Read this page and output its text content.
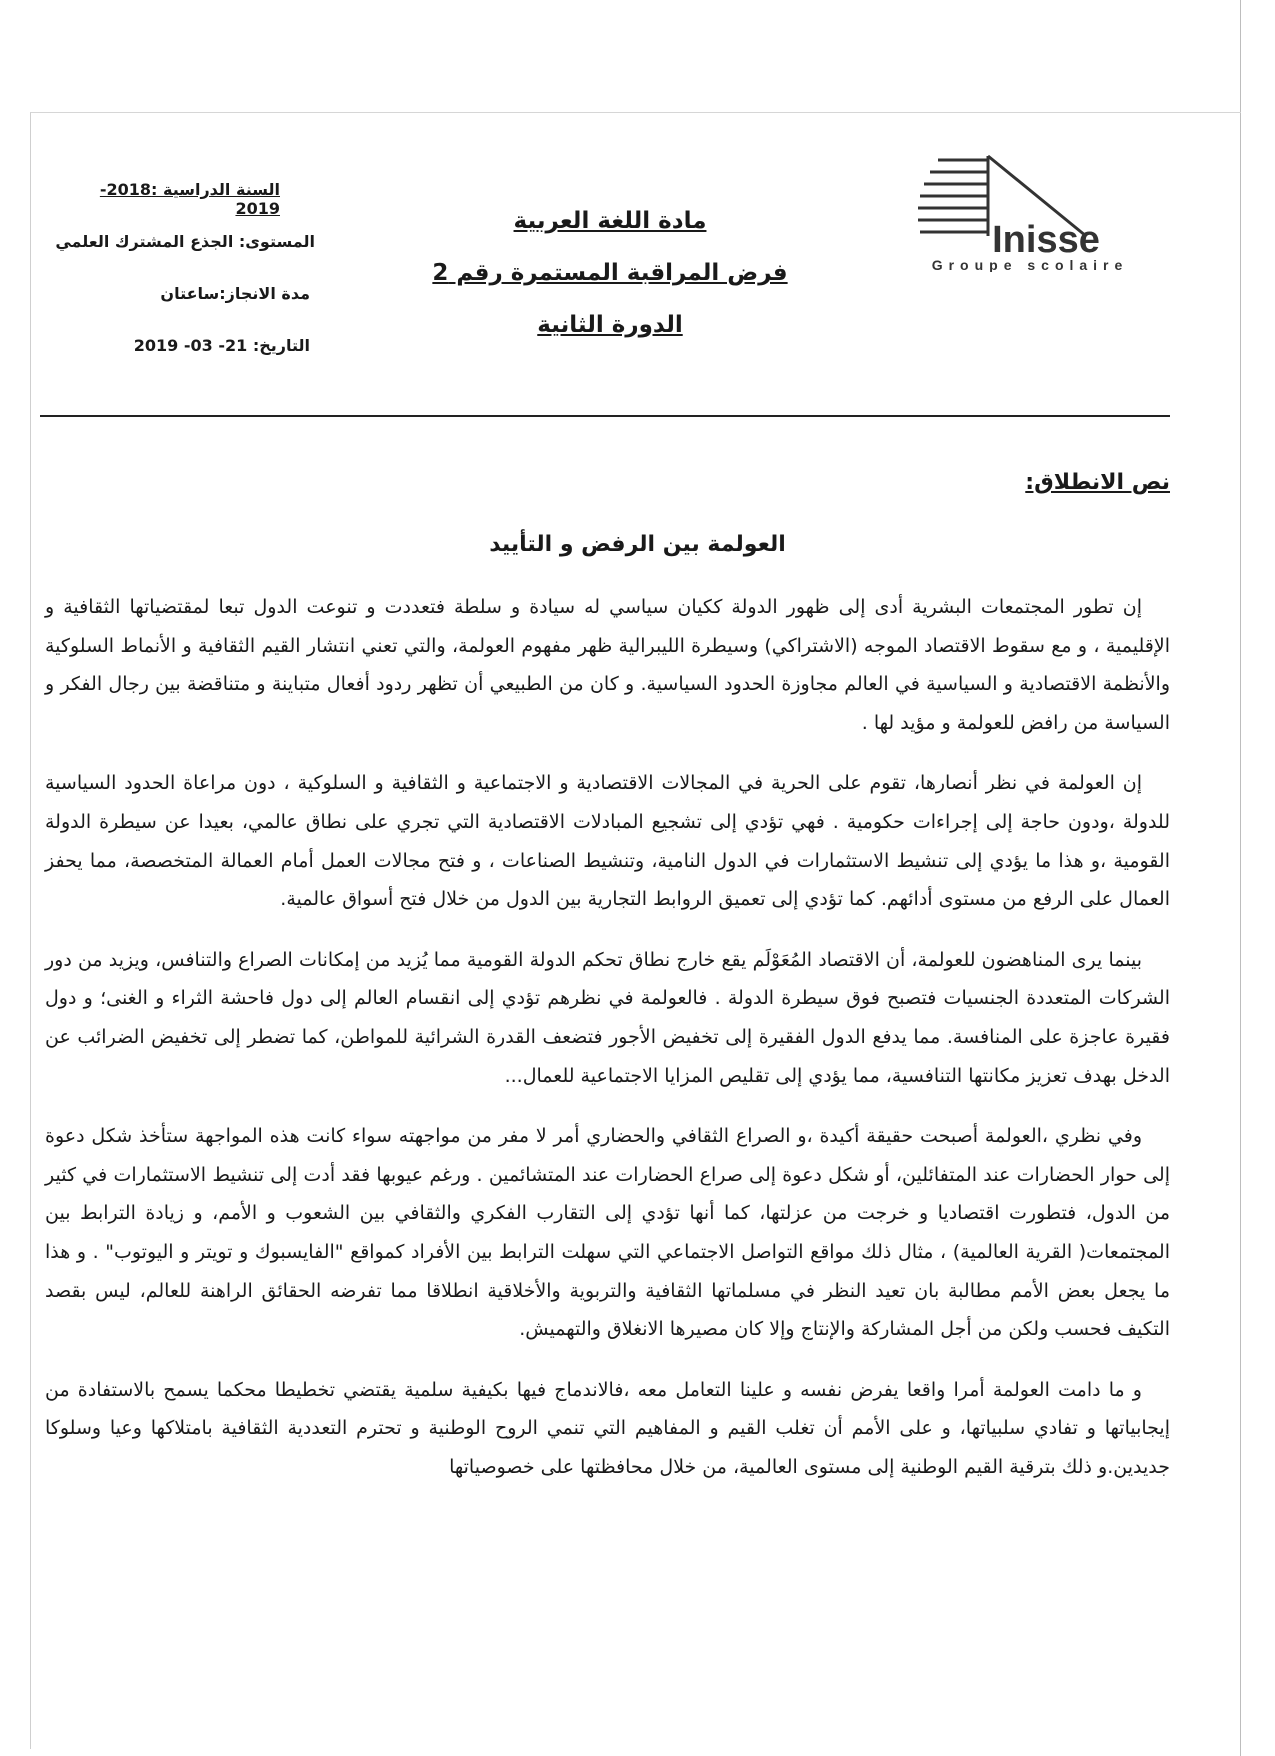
السنة الدراسية :2018- 2019
المستوى: الجذع المشترك العلمي
مدة الانجاز:ساعتان
التاريخ: 21- 03- 2019
مادة اللغة العربية
فرض المراقبة المستمرة رقم 2
الدورة الثانية
Inisse
Groupe scolaire
نص الانطلاق:
العولمة بين الرفض و التأييد

إن تطور المجتمعات البشرية أدى إلى ظهور الدولة ككيان سياسي له سيادة و سلطة فتعددت و تنوعت الدول تبعا لمقتضياتها الثقافية و الإقليمية ، و مع سقوط الاقتصاد الموجه (الاشتراكي) وسيطرة الليبرالية ظهر مفهوم العولمة، والتي تعني انتشار القيم الثقافية و الأنماط السلوكية والأنظمة الاقتصادية و السياسية في العالم مجاوزة الحدود السياسية. و كان من الطبيعي أن تظهر ردود أفعال متباينة و متناقضة بين رجال الفكر و السياسة من رافض للعولمة و مؤيد لها .

إن العولمة في نظر أنصارها، تقوم على الحرية في المجالات الاقتصادية و الاجتماعية و الثقافية و السلوكية ، دون مراعاة الحدود السياسية للدولة ،ودون حاجة إلى إجراءات حكومية . فهي تؤدي إلى تشجيع المبادلات الاقتصادية التي تجري على نطاق عالمي، بعيدا عن سيطرة الدولة القومية ،و هذا ما يؤدي إلى تنشيط الاستثمارات في الدول النامية، وتنشيط الصناعات ، و فتح مجالات العمل أمام العمالة المتخصصة، مما يحفز العمال على الرفع من مستوى أدائهم. كما تؤدي إلى تعميق الروابط التجارية بين الدول من خلال فتح أسواق عالمية.

بينما يرى المناهضون للعولمة، أن الاقتصاد المُعَوْلَم يقع خارج نطاق تحكم الدولة القومية مما يُزيد من إمكانات الصراع والتنافس، ويزيد من دور الشركات المتعددة الجنسيات فتصبح فوق سيطرة الدولة . فالعولمة في نظرهم تؤدي إلى انقسام العالم إلى دول فاحشة الثراء و الغنى؛ و دول فقيرة عاجزة على المنافسة. مما يدفع الدول الفقيرة إلى تخفيض الأجور فتضعف القدرة الشرائية للمواطن، كما تضطر إلى تخفيض الضرائب عن الدخل بهدف تعزيز مكانتها التنافسية، مما يؤدي إلى تقليص المزايا الاجتماعية للعمال...

وفي نظري ،العولمة أصبحت حقيقة أكيدة ،و الصراع الثقافي والحضاري أمر لا مفر من مواجهته سواء كانت هذه المواجهة ستأخذ شكل دعوة إلى حوار الحضارات عند المتفائلين، أو شكل دعوة إلى صراع الحضارات عند المتشائمين . ورغم عيوبها فقد أدت إلى تنشيط الاستثمارات في كثير من الدول، فتطورت اقتصاديا و خرجت من عزلتها، كما أنها تؤدي إلى التقارب الفكري والثقافي بين الشعوب و الأمم، و زيادة الترابط بين المجتمعات( القرية العالمية) ، مثال ذلك مواقع التواصل الاجتماعي التي سهلت الترابط بين الأفراد كمواقع "الفايسبوك و تويتر و اليوتوب" . و هذا ما يجعل بعض الأمم مطالبة بان تعيد النظر في مسلماتها الثقافية والتربوية والأخلاقية انطلاقا مما تفرضه الحقائق الراهنة للعالم، ليس بقصد التكيف فحسب ولكن من أجل المشاركة والإنتاج وإلا كان مصيرها الانغلاق والتهميش.

و ما دامت العولمة أمرا واقعا يفرض نفسه و علينا التعامل معه ،فالاندماج فيها بكيفية سلمية يقتضي تخطيطا محكما يسمح بالاستفادة من إيجابياتها و تفادي سلبياتها، و على الأمم أن تغلب القيم و المفاهيم التي تنمي الروح الوطنية و تحترم التعددية الثقافية بامتلاكها وعيا وسلوكا جديدين.و ذلك بترقية القيم الوطنية إلى مستوى العالمية، من خلال محافظتها على خصوصياتها
